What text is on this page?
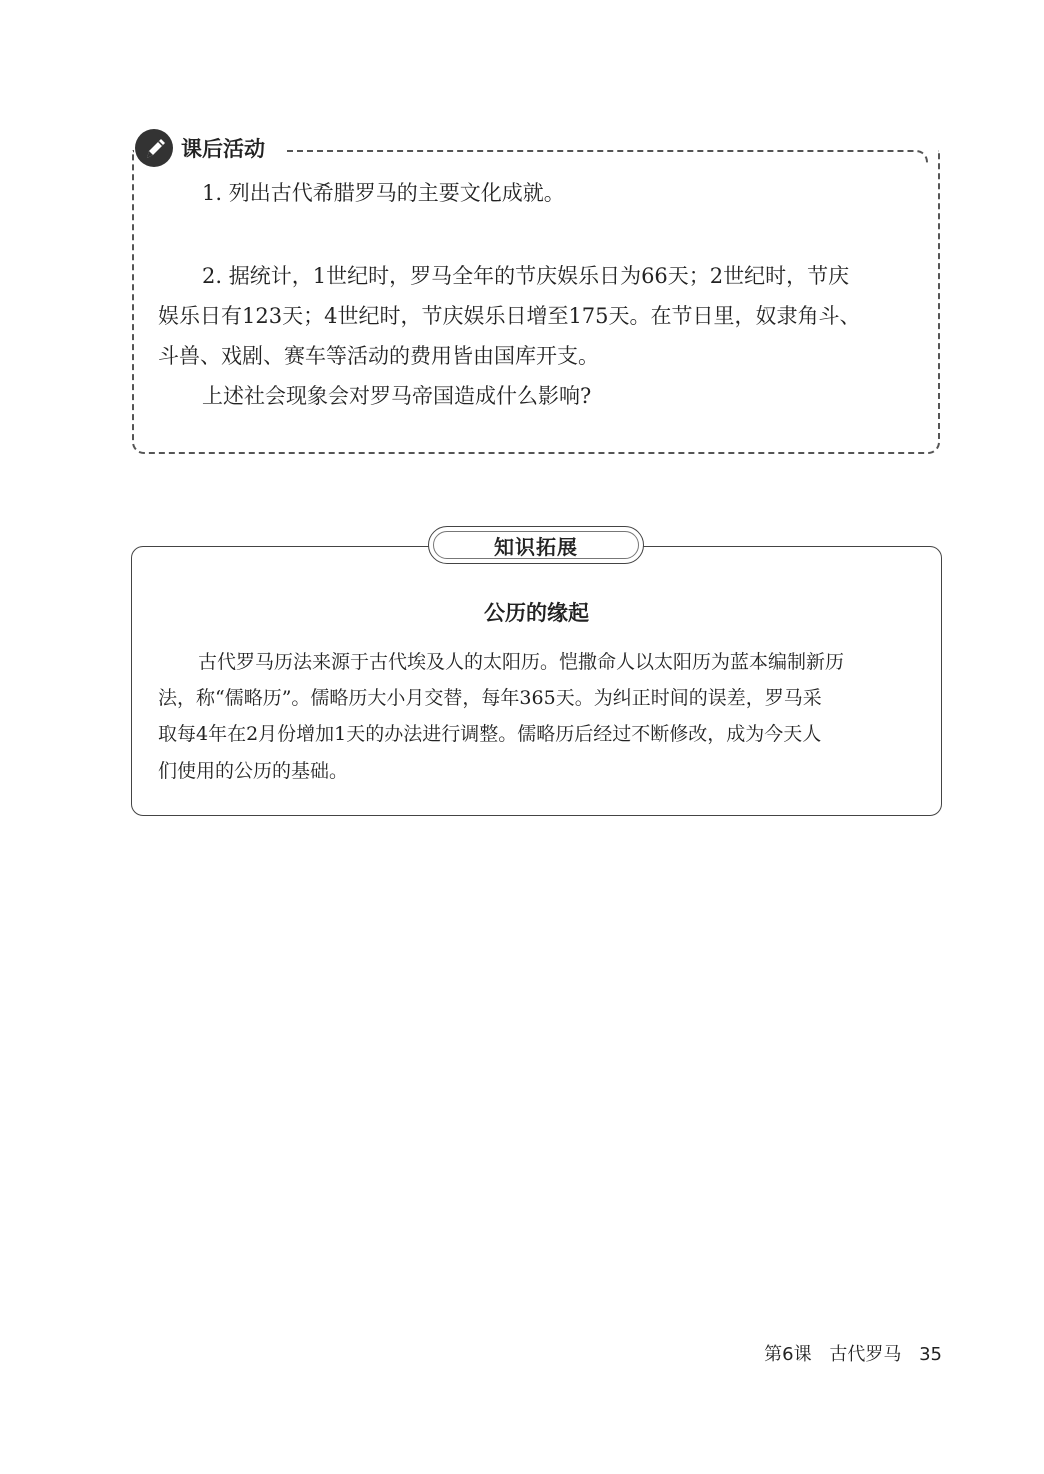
课后活动

1. 列出古代希腊罗马的主要文化成就。

2. 据统计，1世纪时，罗马全年的节庆娱乐日为66天；2世纪时，节庆

娱乐日有123天；4世纪时，节庆娱乐日增至175天。在节日里，奴隶角斗、

斗兽、戏剧、赛车等活动的费用皆由国库开支。

上述社会现象会对罗马帝国造成什么影响?

知识拓展
公历的缘起

古代罗马历法来源于古代埃及人的太阳历。恺撒命人以太阳历为蓝本编制新历

法，称“儒略历”。儒略历大小月交替，每年365天。为纠正时间的误差，罗马采

取每4年在2月份增加1天的办法进行调整。儒略历后经过不断修改，成为今天人

们使用的公历的基础。

第6课 古代罗马 35
